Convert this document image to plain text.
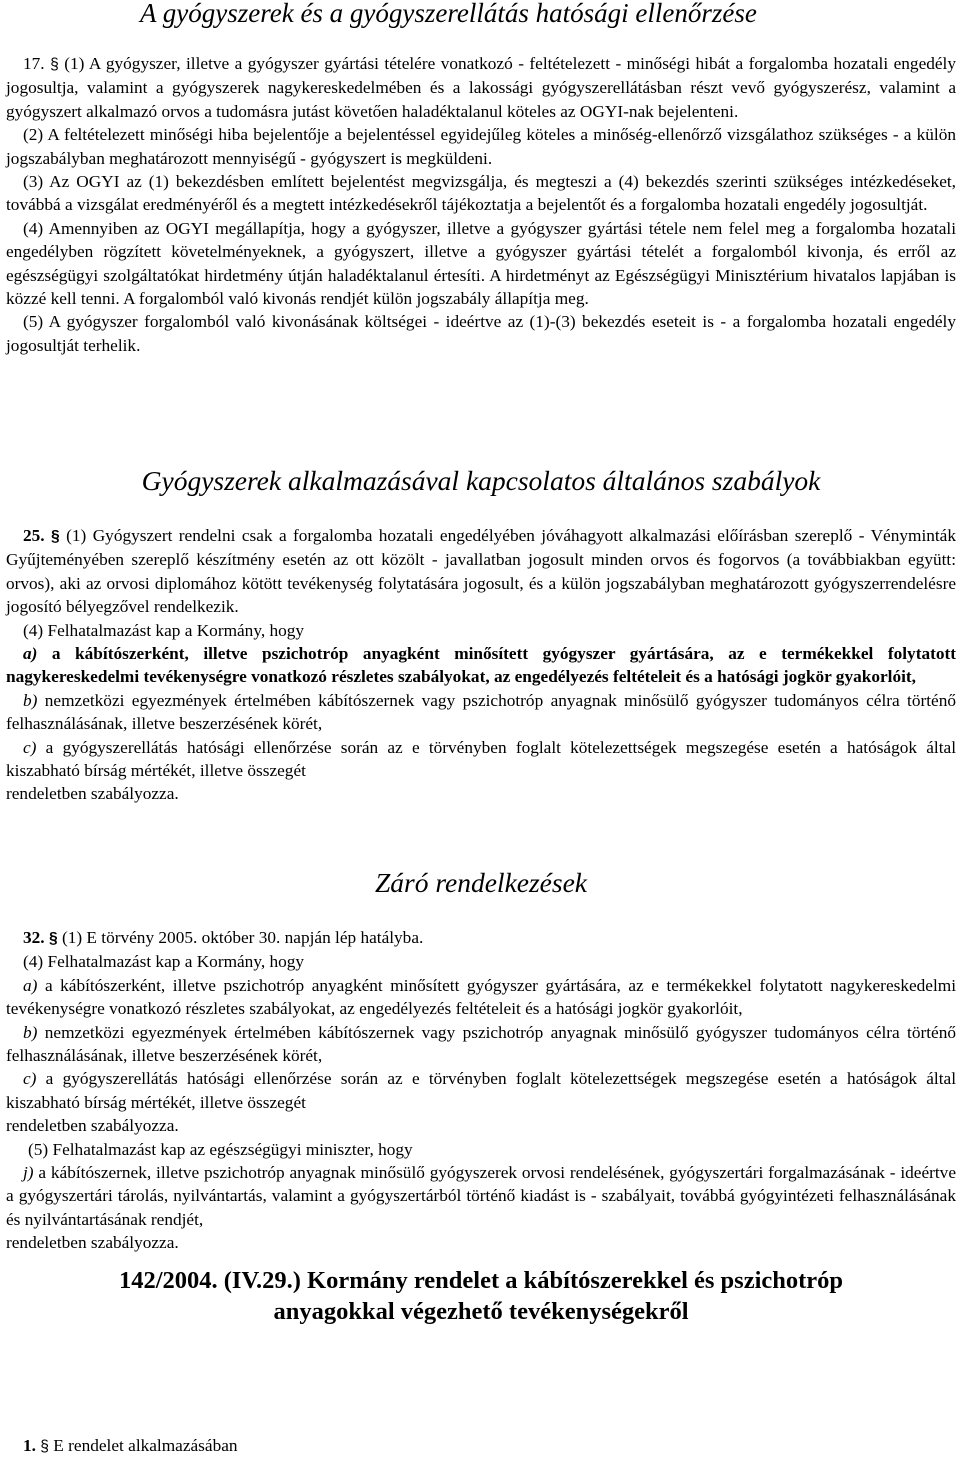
A gyógyszerek és a gyógyszerellátás hatósági ellenőrzése

17. § (1) A gyógyszer, illetve a gyógyszer gyártási tételére vonatkozó - feltételezett - minőségi hibát a forgalomba hozatali engedély jogosultja, valamint a gyógyszerek nagykereskedelmében és a lakossági gyógyszerellátásban részt vevő gyógyszerész, valamint a gyógyszert alkalmazó orvos a tudomásra jutást követően haladéktalanul köteles az OGYI-nak bejelenteni.

(2) A feltételezett minőségi hiba bejelentője a bejelentéssel egyidejűleg köteles a minőség-ellenőrző vizsgálathoz szükséges - a külön jogszabályban meghatározott mennyiségű - gyógyszert is megküldeni.

(3) Az OGYI az (1) bekezdésben említett bejelentést megvizsgálja, és megteszi a (4) bekezdés szerinti szükséges intézkedéseket, továbbá a vizsgálat eredményéről és a megtett intézkedésekről tájékoztatja a bejelentőt és a forgalomba hozatali engedély jogosultját.

(4) Amennyiben az OGYI megállapítja, hogy a gyógyszer, illetve a gyógyszer gyártási tétele nem felel meg a forgalomba hozatali engedélyben rögzített követelményeknek, a gyógyszert, illetve a gyógyszer gyártási tételét a forgalomból kivonja, és erről az egészségügyi szolgáltatókat hirdetmény útján haladéktalanul értesíti. A hirdetményt az Egészségügyi Minisztérium hivatalos lapjában is közzé kell tenni. A forgalomból való kivonás rendjét külön jogszabály állapítja meg.

(5) A gyógyszer forgalomból való kivonásának költségei - ideértve az (1)-(3) bekezdés eseteit is - a forgalomba hozatali engedély jogosultját terhelik.

Gyógyszerek alkalmazásával kapcsolatos általános szabályok

25. § (1) Gyógyszert rendelni csak a forgalomba hozatali engedélyében jóváhagyott alkalmazási előírásban szereplő - Vényminták Gyűjteményében szereplő készítmény esetén az ott közölt - javallatban jogosult minden orvos és fogorvos (a továbbiakban együtt: orvos), aki az orvosi diplomához kötött tevékenység folytatására jogosult, és a külön jogszabályban meghatározott gyógyszerrendelésre jogosító bélyegzővel rendelkezik.

(4) Felhatalmazást kap a Kormány, hogy

a) a kábítószerként, illetve pszichotróp anyagként minősített gyógyszer gyártására, az e termékekkel folytatott nagykereskedelmi tevékenységre vonatkozó részletes szabályokat, az engedélyezés feltételeit és a hatósági jogkör gyakorlóit,

b) nemzetközi egyezmények értelmében kábítószernek vagy pszichotróp anyagnak minősülő gyógyszer tudományos célra történő felhasználásának, illetve beszerzésének körét,

c) a gyógyszerellátás hatósági ellenőrzése során az e törvényben foglalt kötelezettségek megszegése esetén a hatóságok által kiszabható bírság mértékét, illetve összegét

rendeletben szabályozza.

Záró rendelkezések

32. § (1) E törvény 2005. október 30. napján lép hatályba.

(4) Felhatalmazást kap a Kormány, hogy

a) a kábítószerként, illetve pszichotróp anyagként minősített gyógyszer gyártására, az e termékekkel folytatott nagykereskedelmi tevékenységre vonatkozó részletes szabályokat, az engedélyezés feltételeit és a hatósági jogkör gyakorlóit,

b) nemzetközi egyezmények értelmében kábítószernek vagy pszichotróp anyagnak minősülő gyógyszer tudományos célra történő felhasználásának, illetve beszerzésének körét,

c) a gyógyszerellátás hatósági ellenőrzése során az e törvényben foglalt kötelezettségek megszegése esetén a hatóságok által kiszabható bírság mértékét, illetve összegét

rendeletben szabályozza.

(5) Felhatalmazást kap az egészségügyi miniszter, hogy

j) a kábítószernek, illetve pszichotróp anyagnak minősülő gyógyszerek orvosi rendelésének, gyógyszertári forgalmazásának - ideértve a gyógyszertári tárolás, nyilvántartás, valamint a gyógyszertárból történő kiadást is - szabályait, továbbá gyógyintézeti felhasználásának és nyilvántartásának rendjét,

rendeletben szabályozza.

142/2004. (IV.29.) Kormány rendelet a kábítószerekkel és pszichotróp anyagokkal végezhető tevékenységekről

1. § E rendelet alkalmazásában
